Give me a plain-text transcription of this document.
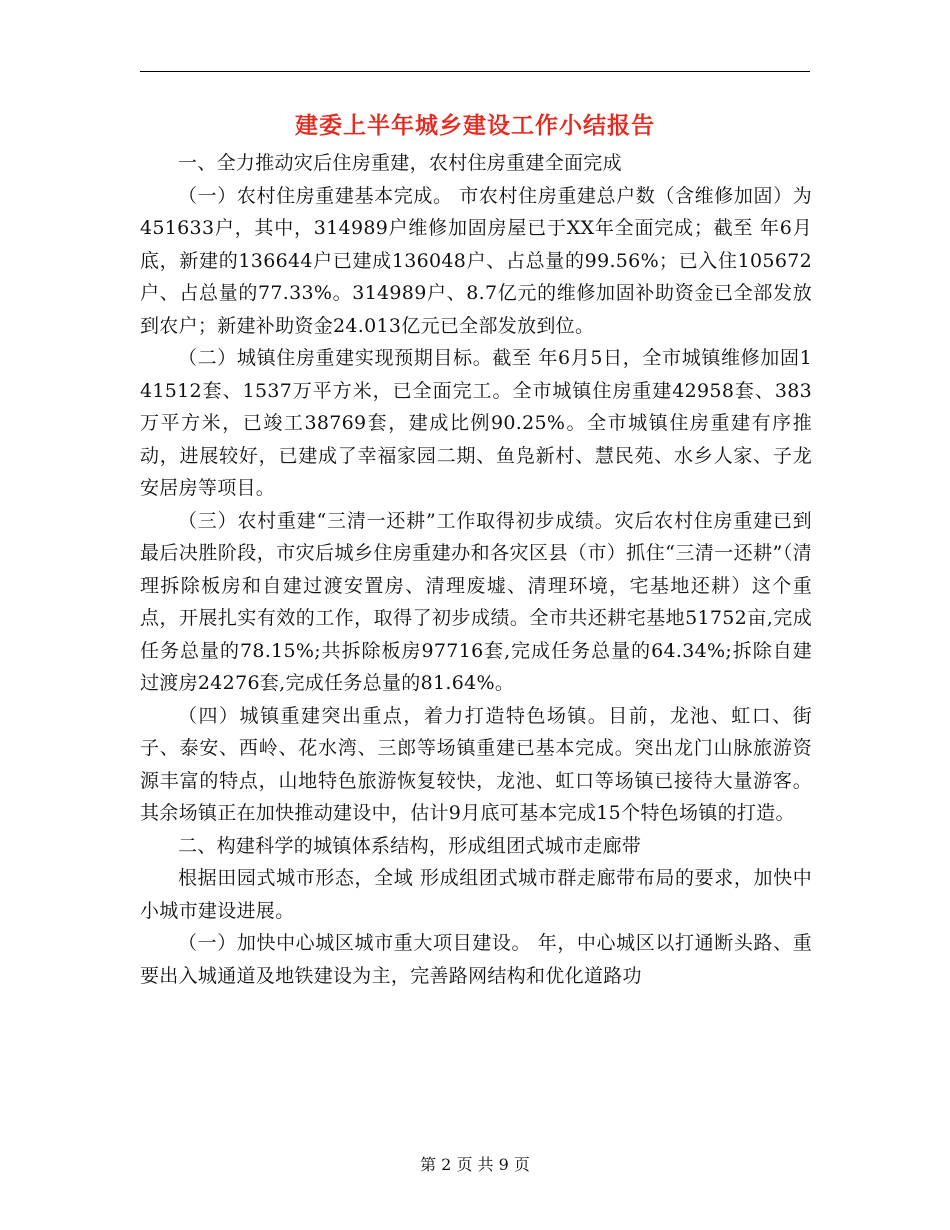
建委上半年城乡建设工作小结报告

一、全力推动灾后住房重建，农村住房重建全面完成

（一）农村住房重建基本完成。 市农村住房重建总户数（含维修加固）为451633户，其中，314989户维修加固房屋已于XX年全面完成；截至 年6月底，新建的136644户已建成136048户、占总量的99.56%；已入住105672户、占总量的77.33%。314989户、8.7亿元的维修加固补助资金已全部发放到农户；新建补助资金24.013亿元已全部发放到位。

（二）城镇住房重建实现预期目标。截至 年6月5日，全市城镇维修加固141512套、1537万平方米，已全面完工。全市城镇住房重建42958套、383万平方米，已竣工38769套，建成比例90.25%。全市城镇住房重建有序推动，进展较好，已建成了幸福家园二期、鱼凫新村、慧民苑、水乡人家、子龙安居房等项目。

（三）农村重建“三清一还耕”工作取得初步成绩。灾后农村住房重建已到最后决胜阶段，市灾后城乡住房重建办和各灾区县（市）抓住“三清一还耕”（清理拆除板房和自建过渡安置房、清理废墟、清理环境，宅基地还耕）这个重点，开展扎实有效的工作，取得了初步成绩。全市共还耕宅基地51752亩,完成任务总量的78.15%;共拆除板房97716套,完成任务总量的64.34%;拆除自建过渡房24276套,完成任务总量的81.64%。

（四）城镇重建突出重点，着力打造特色场镇。目前，龙池、虹口、街子、泰安、西岭、花水湾、三郎等场镇重建已基本完成。突出龙门山脉旅游资源丰富的特点，山地特色旅游恢复较快，龙池、虹口等场镇已接待大量游客。其余场镇正在加快推动建设中，估计9月底可基本完成15个特色场镇的打造。

二、构建科学的城镇体系结构，形成组团式城市走廊带

根据田园式城市形态，全域 形成组团式城市群走廊带布局的要求，加快中小城市建设进展。

（一）加快中心城区城市重大项目建设。 年，中心城区以打通断头路、重要出入城通道及地铁建设为主，完善路网结构和优化道路功

第 2 页 共 9 页
